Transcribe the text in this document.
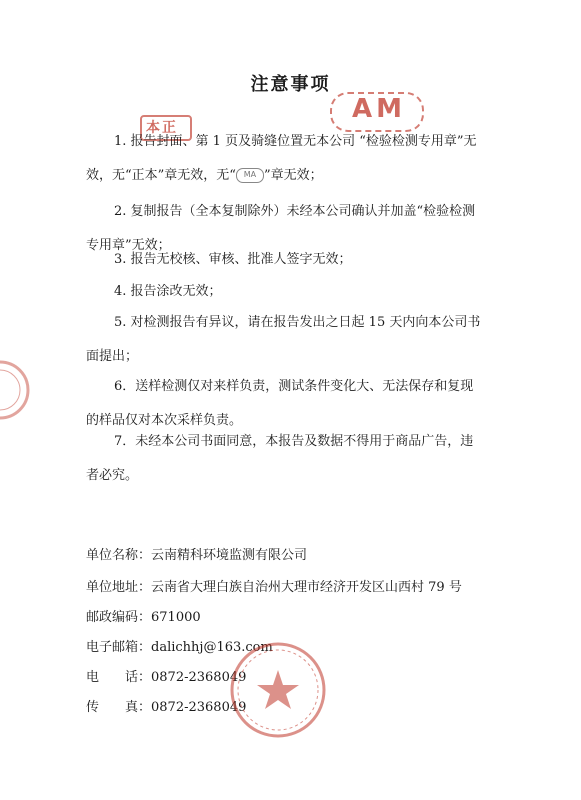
注意事项
AM
本正
1. 报告封面、第 1 页及骑缝位置无本公司 “检验检测专用章”无
效，无“正本”章无效，无“ MA ”章无效；
2. 复制报告（全本复制除外）未经本公司确认并加盖“检验检测
专用章”无效；
3. 报告无校核、审核、批准人签字无效；
4. 报告涂改无效；
5. 对检测报告有异议，请在报告发出之日起 15 天内向本公司书
面提出；
6．送样检测仅对来样负责，测试条件变化大、无法保存和复现
的样品仅对本次采样负责。
7．未经本公司书面同意，本报告及数据不得用于商品广告，违
者必究。
单位名称：云南精科环境监测有限公司
单位地址：云南省大理白族自治州大理市经济开发区山西村 79 号
邮政编码：671000
电子邮箱：dalichhj@163.com
电　　话：0872-2368049
传　　真：0872-2368049
